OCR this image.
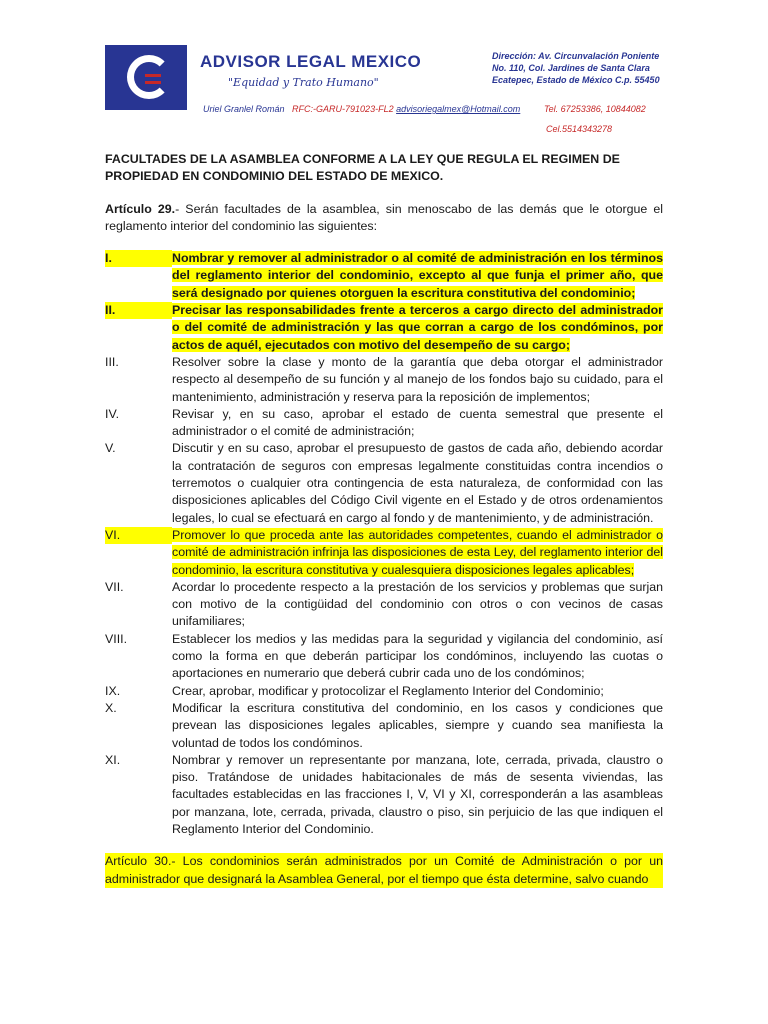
ADVISOR LEGAL MEXICO
"Equidad y Trato Humano"
Uriel Granlel Román RFC:-GARU-791023-FL2 advisoriegalmex@Hotmail.com
Dirección: Av. Circunvalación Poniente No. 110, Col. Jardines de Santa Clara Ecatepec, Estado de México C.p. 55450
Tel. 67253386, 10844082
Cel.5514343278

FACULTADES DE LA ASAMBLEA CONFORME A LA LEY QUE REGULA EL REGIMEN DE PROPIEDAD EN CONDOMINIO DEL ESTADO DE MEXICO.

Artículo 29.- Serán facultades de la asamblea, sin menoscabo de las demás que le otorgue el reglamento interior del condominio las siguientes:

I.	Nombrar y remover al administrador o al comité de administración en los términos del reglamento interior del condominio, excepto al que funja el primer año, que será designado por quienes otorguen la escritura constitutiva del condominio;
II.	Precisar las responsabilidades frente a terceros a cargo directo del administrador o del comité de administración y las que corran a cargo de los condóminos, por actos de aquél, ejecutados con motivo del desempeño de su cargo;
III.	Resolver sobre la clase y monto de la garantía que deba otorgar el administrador respecto al desempeño de su función y al manejo de los fondos bajo su cuidado, para el mantenimiento, administración y reserva para la reposición de implementos;
IV.	Revisar y, en su caso, aprobar el estado de cuenta semestral que presente el administrador o el comité de administración;
V.	Discutir y en su caso, aprobar el presupuesto de gastos de cada año, debiendo acordar la contratación de seguros con empresas legalmente constituidas contra incendios o terremotos o cualquier otra contingencia de esta naturaleza, de conformidad con las disposiciones aplicables del Código Civil vigente en el Estado y de otros ordenamientos legales, lo cual se efectuará en cargo al fondo y de mantenimiento, y de administración.
VI.	Promover lo que proceda ante las autoridades competentes, cuando el administrador o comité de administración infrinja las disposiciones de esta Ley, del reglamento interior del condominio, la escritura constitutiva y cualesquiera disposiciones legales aplicables;
VII.	Acordar lo procedente respecto a la prestación de los servicios y problemas que surjan con motivo de la contigüidad del condominio con otros o con vecinos de casas unifamiliares;
VIII.	Establecer los medios y las medidas para la seguridad y vigilancia del condominio, así como la forma en que deberán participar los condóminos, incluyendo las cuotas o aportaciones en numerario que deberá cubrir cada uno de los condóminos;
IX.	Crear, aprobar, modificar y protocolizar el Reglamento Interior del Condominio;
X.	Modificar la escritura constitutiva del condominio, en los casos y condiciones que prevean las disposiciones legales aplicables, siempre y cuando sea manifiesta la voluntad de todos los condóminos.
XI.	Nombrar y remover un representante por manzana, lote, cerrada, privada, claustro o piso. Tratándose de unidades habitacionales de más de sesenta viviendas, las facultades establecidas en las fracciones I, V, VI y XI, corresponderán a las asambleas por manzana, lote, cerrada, privada, claustro o piso, sin perjuicio de las que indiquen el Reglamento Interior del Condominio.

Artículo 30.- Los condominios serán administrados por un Comité de Administración o por un administrador que designará la Asamblea General, por el tiempo que ésta determine, salvo cuando
